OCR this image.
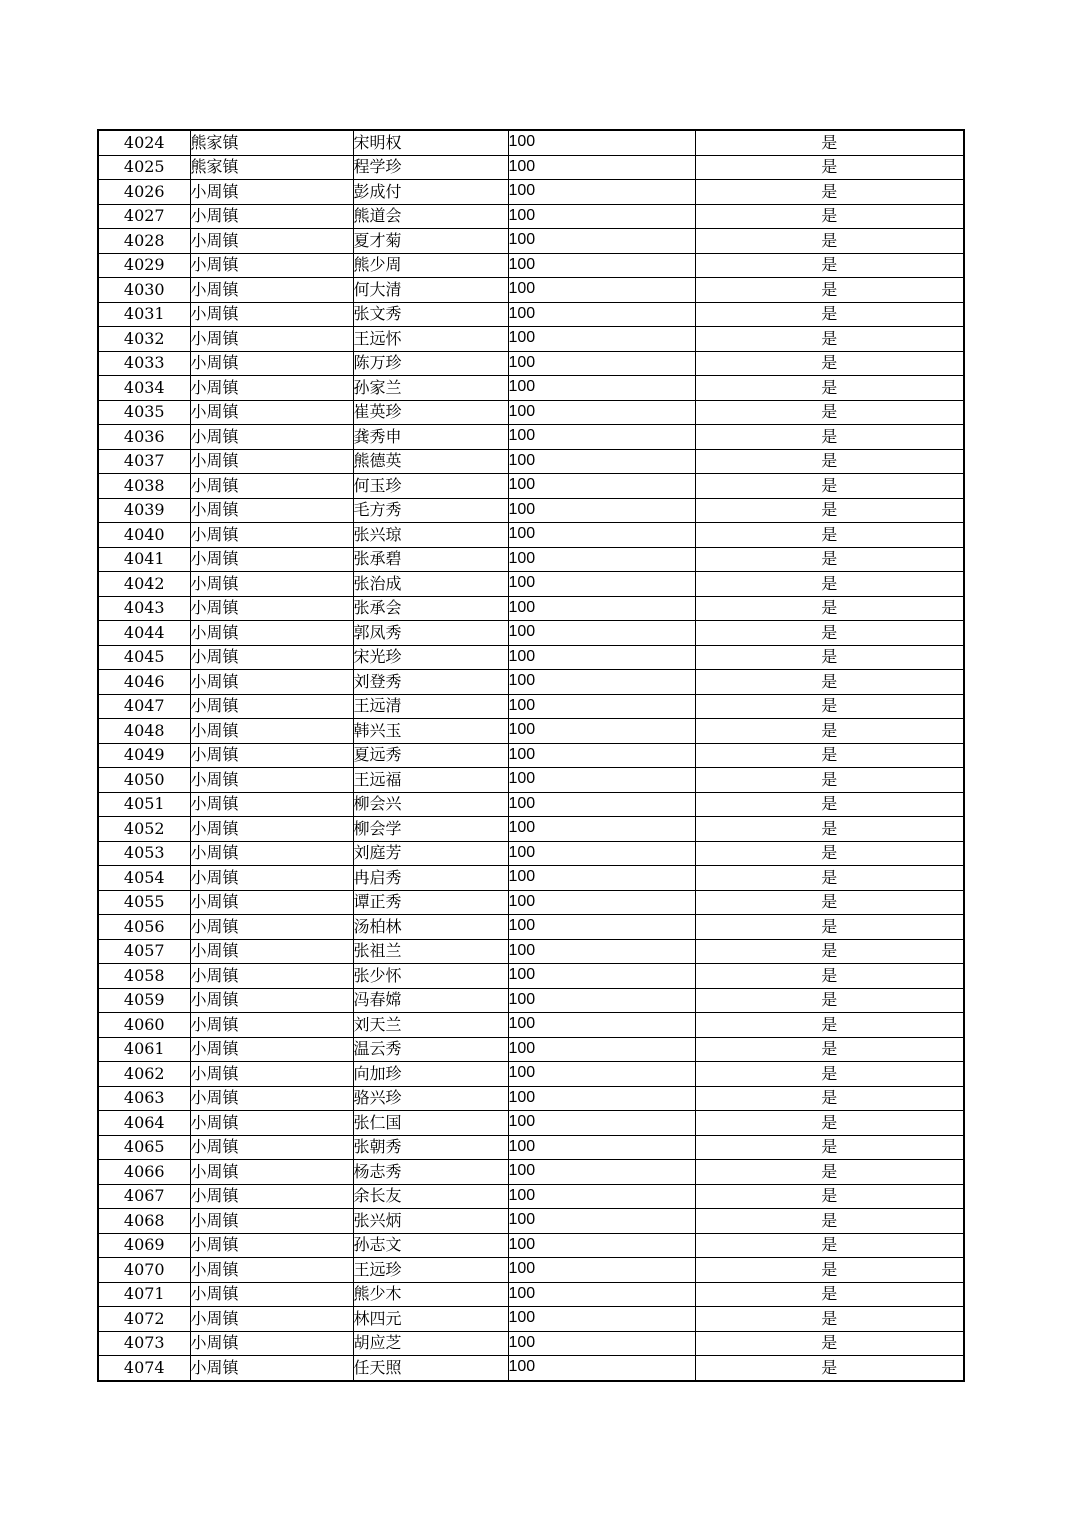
4024	熊家镇	宋明权	100	是
4025	熊家镇	程学珍	100	是
4026	小周镇	彭成付	100	是
4027	小周镇	熊道会	100	是
4028	小周镇	夏才菊	100	是
4029	小周镇	熊少周	100	是
4030	小周镇	何大清	100	是
4031	小周镇	张文秀	100	是
4032	小周镇	王远怀	100	是
4033	小周镇	陈万珍	100	是
4034	小周镇	孙家兰	100	是
4035	小周镇	崔英珍	100	是
4036	小周镇	龚秀申	100	是
4037	小周镇	熊德英	100	是
4038	小周镇	何玉珍	100	是
4039	小周镇	毛方秀	100	是
4040	小周镇	张兴琼	100	是
4041	小周镇	张承碧	100	是
4042	小周镇	张治成	100	是
4043	小周镇	张承会	100	是
4044	小周镇	郭凤秀	100	是
4045	小周镇	宋光珍	100	是
4046	小周镇	刘登秀	100	是
4047	小周镇	王远清	100	是
4048	小周镇	韩兴玉	100	是
4049	小周镇	夏远秀	100	是
4050	小周镇	王远福	100	是
4051	小周镇	柳会兴	100	是
4052	小周镇	柳会学	100	是
4053	小周镇	刘庭芳	100	是
4054	小周镇	冉启秀	100	是
4055	小周镇	谭正秀	100	是
4056	小周镇	汤柏林	100	是
4057	小周镇	张祖兰	100	是
4058	小周镇	张少怀	100	是
4059	小周镇	冯春嫦	100	是
4060	小周镇	刘天兰	100	是
4061	小周镇	温云秀	100	是
4062	小周镇	向加珍	100	是
4063	小周镇	骆兴珍	100	是
4064	小周镇	张仁国	100	是
4065	小周镇	张朝秀	100	是
4066	小周镇	杨志秀	100	是
4067	小周镇	余长友	100	是
4068	小周镇	张兴炳	100	是
4069	小周镇	孙志文	100	是
4070	小周镇	王远珍	100	是
4071	小周镇	熊少木	100	是
4072	小周镇	林四元	100	是
4073	小周镇	胡应芝	100	是
4074	小周镇	任天照	100	是
